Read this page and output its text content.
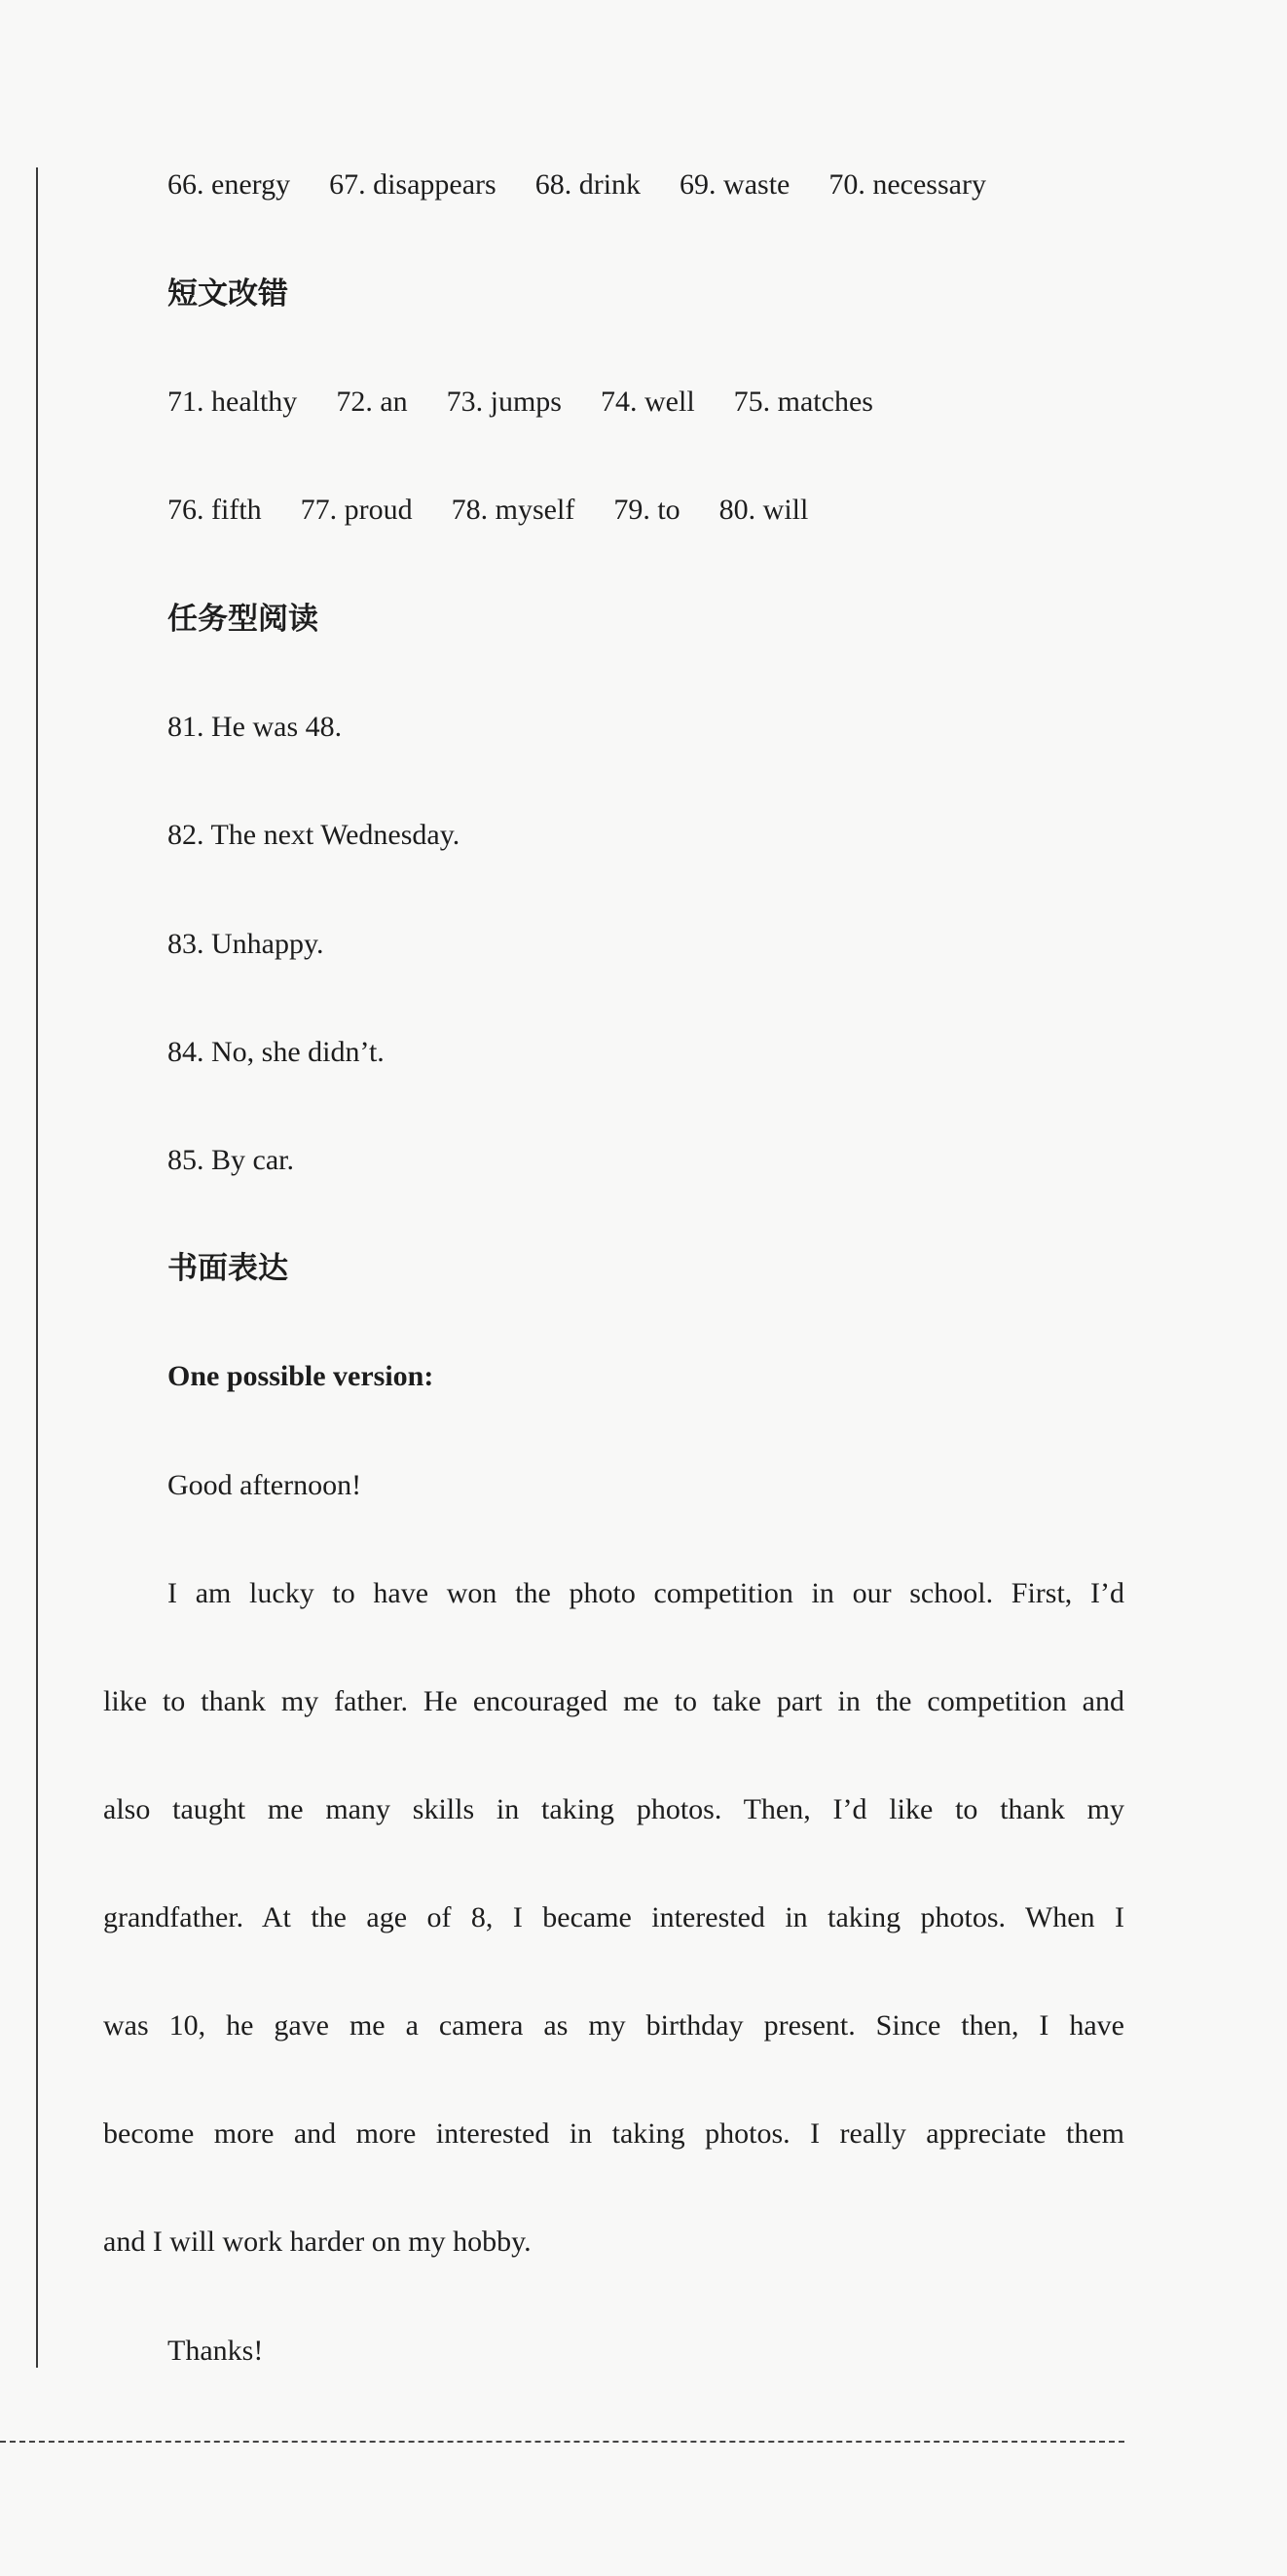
66. energy 67. disappears 68. drink 69. waste 70. necessary
短文改错
71. healthy 72. an 73. jumps 74. well 75. matches
76. fifth 77. proud 78. myself 79. to 80. will
任务型阅读
81. He was 48.
82. The next Wednesday.
83. Unhappy.
84. No, she didn’t.
85. By car.
书面表达
One possible version:
Good afternoon!
I am lucky to have won the photo competition in our school. First, I’d
like to thank my father. He encouraged me to take part in the competition and
also taught me many skills in taking photos. Then, I’d like to thank my
grandfather. At the age of 8, I became interested in taking photos. When I
was 10, he gave me a camera as my birthday present. Since then, I have
become more and more interested in taking photos. I really appreciate them
and I will work harder on my hobby.
Thanks!
